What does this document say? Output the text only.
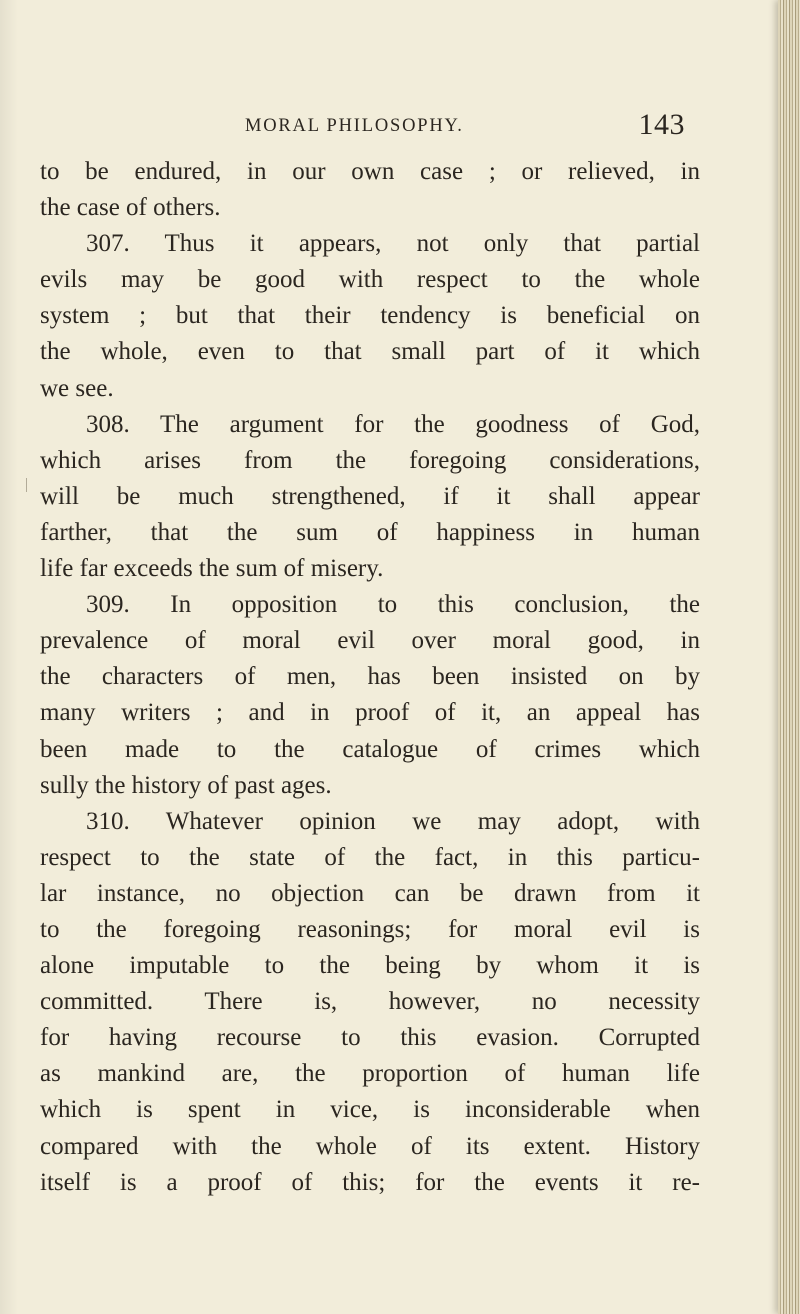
MORAL PHILOSOPHY.	143
to be endured, in our own case ; or relieved, in
the case of others.
307. Thus it appears, not only that partial
evils may be good with respect to the whole
system ; but that their tendency is beneficial on
the whole, even to that small part of it which
we see.
308. The argument for the goodness of God,
which arises from the foregoing considerations,
will be much strengthened, if it shall appear
farther, that the sum of happiness in human
life far exceeds the sum of misery.
309. In opposition to this conclusion, the
prevalence of moral evil over moral good, in
the characters of men, has been insisted on by
many writers ; and in proof of it, an appeal has
been made to the catalogue of crimes which
sully the history of past ages.
310. Whatever opinion we may adopt, with
respect to the state of the fact, in this particu-
lar instance, no objection can be drawn from it
to the foregoing reasonings; for moral evil is
alone imputable to the being by whom it is
committed. There is, however, no necessity
for having recourse to this evasion. Corrupted
as mankind are, the proportion of human life
which is spent in vice, is inconsiderable when
compared with the whole of its extent. History
itself is a proof of this; for the events it re-
